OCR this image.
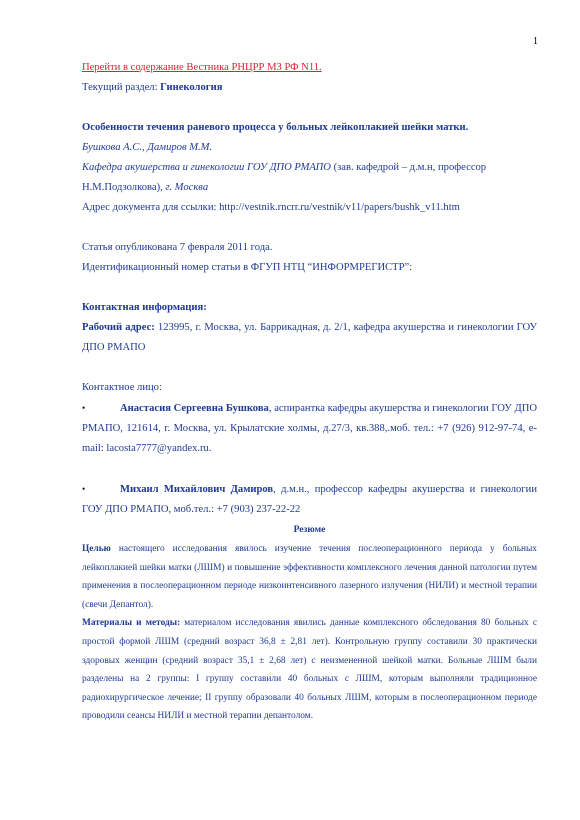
1

Перейти в содержание Вестника РНЦРР МЗ РФ N11.

Текущий раздел: Гинекология

Особенности течения раневого процесса у больных лейкоплакией шейки матки.

Бушкова А.С., Дамиров М.М.

Кафедра акушерства и гинекологии ГОУ ДПО РМАПО (зав. кафедрой – д.м.н, профессор Н.М.Подзолкова), г. Москва

Адрес документа для ссылки: http://vestnik.rncrr.ru/vestnik/v11/papers/bushk_v11.htm

Статья опубликована 7 февраля 2011 года.

Идентификационный номер статьи в ФГУП НТЦ “ИНФОРМРЕГИСТР”:

Контактная информация:

Рабочий адрес: 123995, г. Москва, ул. Баррикадная, д. 2/1, кафедра акушерства и гинекологии ГОУ ДПО РМАПО

Контактное лицо:

•	Анастасия Сергеевна Бушкова, аспирантка кафедры акушерства и гинекологии ГОУ ДПО РМАПО, 121614, г. Москва, ул. Крылатские холмы, д.27/3, кв.388,.моб. тел.: +7 (926) 912-97-74, e-mail: lacosta7777@yandex.ru.
•	Михаил Михайлович Дамиров, д.м.н., профессор кафедры акушерства и гинекологии ГОУ ДПО РМАПО, моб.тел.: +7 (903) 237-22-22

Резюме

Целью настоящего исследования явилось изучение течения послеоперационного периода у больных лейкоплакией шейки матки (ЛШМ) и повышение эффективности комплексного лечения данной патологии путем применения в послеоперационном периоде низкоинтенсивного лазерного излучения (НИЛИ) и местной терапии (свечи Депантол).

Материалы и методы: материалом исследования явились данные комплексного обследования 80 больных с простой формой ЛШМ (средний возраст 36,8 ± 2,81 лет). Контрольную группу составили 30 практически здоровых женщин (средний возраст 35,1 ± 2,68 лет) с неизмененной шейкой матки. Больные ЛШМ были разделены на 2 группы: I группу составили 40 больных с ЛШМ, которым выполняли традиционное радиохирургическое лечение; II группу образовали 40 больных ЛШМ, которым в послеоперационном периоде проводили сеансы НИЛИ и местной терапии депантолом.
